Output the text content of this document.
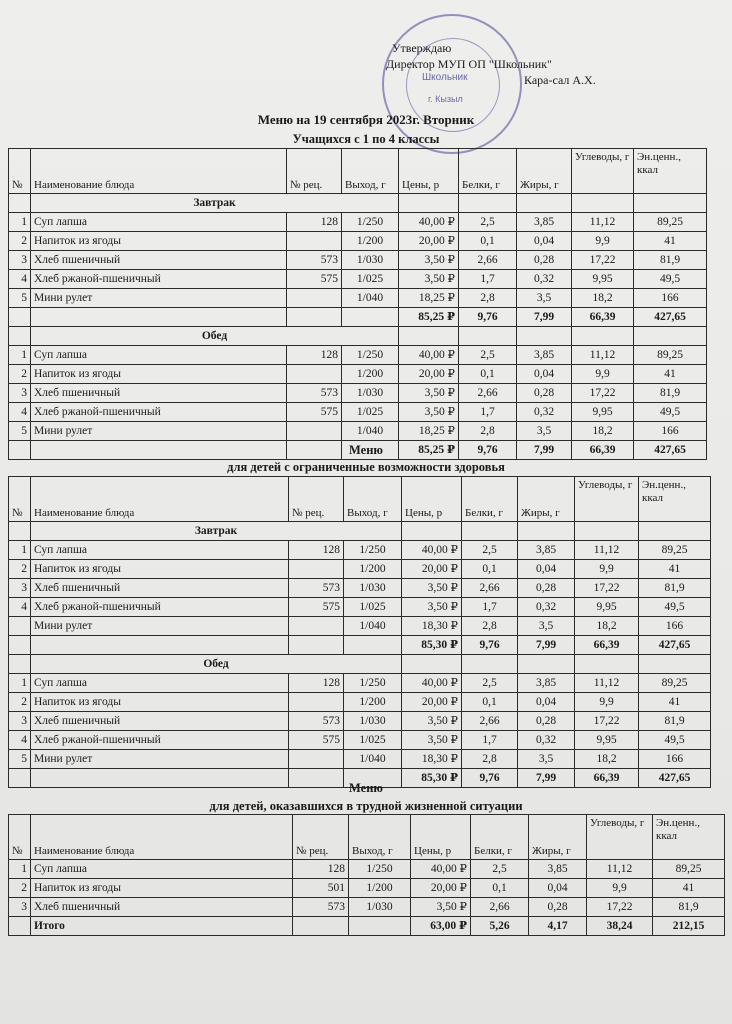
Школьник
г. Кызыл
Утверждаю
Директор МУП ОП "Школьник"
Кара-сал А.Х.
Меню на 19 сентября 2023г. Вторник
Учащихся с 1 по 4 классы
№	Наименование блюда	№ рец.	Выход, г	Цены, р	Белки, г	Жиры, г	Углеводы, г	Эн.ценн., ккал
	Завтрак							
1	Суп лапша	128	1/250	40,00 ₽	2,5	3,85	11,12	89,25
2	Напиток из ягоды		1/200	20,00 ₽	0,1	0,04	9,9	41
3	Хлеб пшеничный	573	1/030	3,50 ₽	2,66	0,28	17,22	81,9
4	Хлеб ржаной-пшеничный	575	1/025	3,50 ₽	1,7	0,32	9,95	49,5
5	Мини рулет		1/040	18,25 ₽	2,8	3,5	18,2	166
				85,25 ₽	9,76	7,99	66,39	427,65
	Обед							
1	Суп лапша	128	1/250	40,00 ₽	2,5	3,85	11,12	89,25
2	Напиток из ягоды		1/200	20,00 ₽	0,1	0,04	9,9	41
3	Хлеб пшеничный	573	1/030	3,50 ₽	2,66	0,28	17,22	81,9
4	Хлеб ржаной-пшеничный	575	1/025	3,50 ₽	1,7	0,32	9,95	49,5
5	Мини рулет		1/040	18,25 ₽	2,8	3,5	18,2	166
				85,25 ₽	9,76	7,99	66,39	427,65
Меню
для детей с ограниченные возможности здоровья
№	Наименование блюда	№ рец.	Выход, г	Цены, р	Белки, г	Жиры, г	Углеводы, г	Эн.ценн., ккал
	Завтрак							
1	Суп лапша	128	1/250	40,00 ₽	2,5	3,85	11,12	89,25
2	Напиток из ягоды		1/200	20,00 ₽	0,1	0,04	9,9	41
3	Хлеб пшеничный	573	1/030	3,50 ₽	2,66	0,28	17,22	81,9
4	Хлеб ржаной-пшеничный	575	1/025	3,50 ₽	1,7	0,32	9,95	49,5
	Мини рулет		1/040	18,30 ₽	2,8	3,5	18,2	166
				85,30 ₽	9,76	7,99	66,39	427,65
	Обед							
1	Суп лапша	128	1/250	40,00 ₽	2,5	3,85	11,12	89,25
2	Напиток из ягоды		1/200	20,00 ₽	0,1	0,04	9,9	41
3	Хлеб пшеничный	573	1/030	3,50 ₽	2,66	0,28	17,22	81,9
4	Хлеб ржаной-пшеничный	575	1/025	3,50 ₽	1,7	0,32	9,95	49,5
5	Мини рулет		1/040	18,30 ₽	2,8	3,5	18,2	166
				85,30 ₽	9,76	7,99	66,39	427,65
Меню
для детей, оказавшихся в трудной жизненной ситуации
№	Наименование блюда	№ рец.	Выход, г	Цены, р	Белки, г	Жиры, г	Углеводы, г	Эн.ценн., ккал
1	Суп лапша	128	1/250	40,00 ₽	2,5	3,85	11,12	89,25
2	Напиток из ягоды	501	1/200	20,00 ₽	0,1	0,04	9,9	41
3	Хлеб пшеничный	573	1/030	3,50 ₽	2,66	0,28	17,22	81,9
	Итого			63,00 ₽	5,26	4,17	38,24	212,15
